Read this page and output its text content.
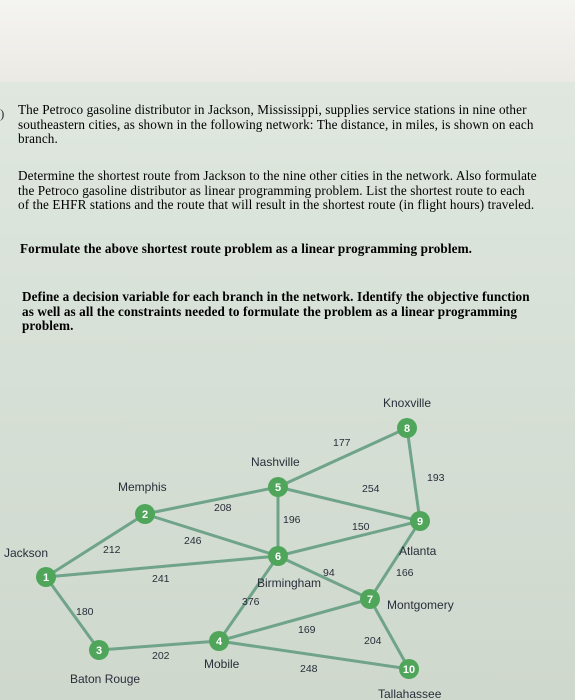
) The Petroco gasoline distributor in Jackson, Mississippi, supplies service stations in nine other southeastern cities, as shown in the following network: The distance, in miles, is shown on each branch.

Determine the shortest route from Jackson to the nine other cities in the network. Also formulate the Petroco gasoline distributor as linear programming problem. List the shortest route to each of the EHFR stations and the route that will result in the shortest route (in flight hours) traveled.

Formulate the above shortest route problem as a linear programming problem.

Define a decision variable for each branch in the network. Identify the objective function as well as all the constraints needed to formulate the problem as a linear programming problem.

212
180
241
208
246
202
376
248
196
177
254
150
94	166
193
169
204
1
Jackson
2
Memphis
3
Baton Rouge
4
Mobile
5
Nashville
6
Birmingham
7 Montgomery
8
Knoxville
9
Atlanta
10
Tallahassee
